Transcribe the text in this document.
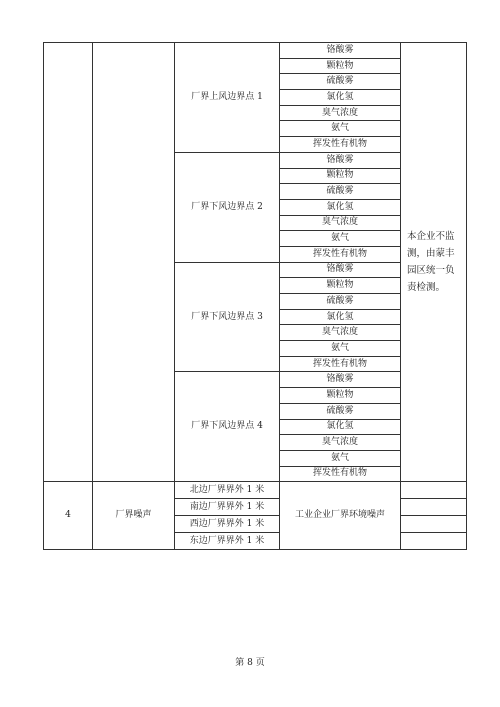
		厂界上风边界点 1	铬酸雾	本企业不监测，由蒙丰园区统一负责检测。
			颗粒物	
			硫酸雾	
			氯化氢	
			臭气浓度	
			氨气	
			挥发性有机物	
		厂界下风边界点 2	铬酸雾	
			颗粒物	
			硫酸雾	
			氯化氢	
			臭气浓度	
			氨气	
			挥发性有机物	
		厂界下风边界点 3	铬酸雾	
			颗粒物	
			硫酸雾	
			氯化氢	
			臭气浓度	
			氨气	
			挥发性有机物	
		厂界下风边界点 4	铬酸雾	
			颗粒物	
			硫酸雾	
			氯化氢	
			臭气浓度	
			氨气	
			挥发性有机物	
4	厂界噪声	北边厂界界外 1 米	工业企业厂界环境噪声	
		南边厂界界外 1 米		
		西边厂界界外 1 米		
		东边厂界界外 1 米		
第 8 页
